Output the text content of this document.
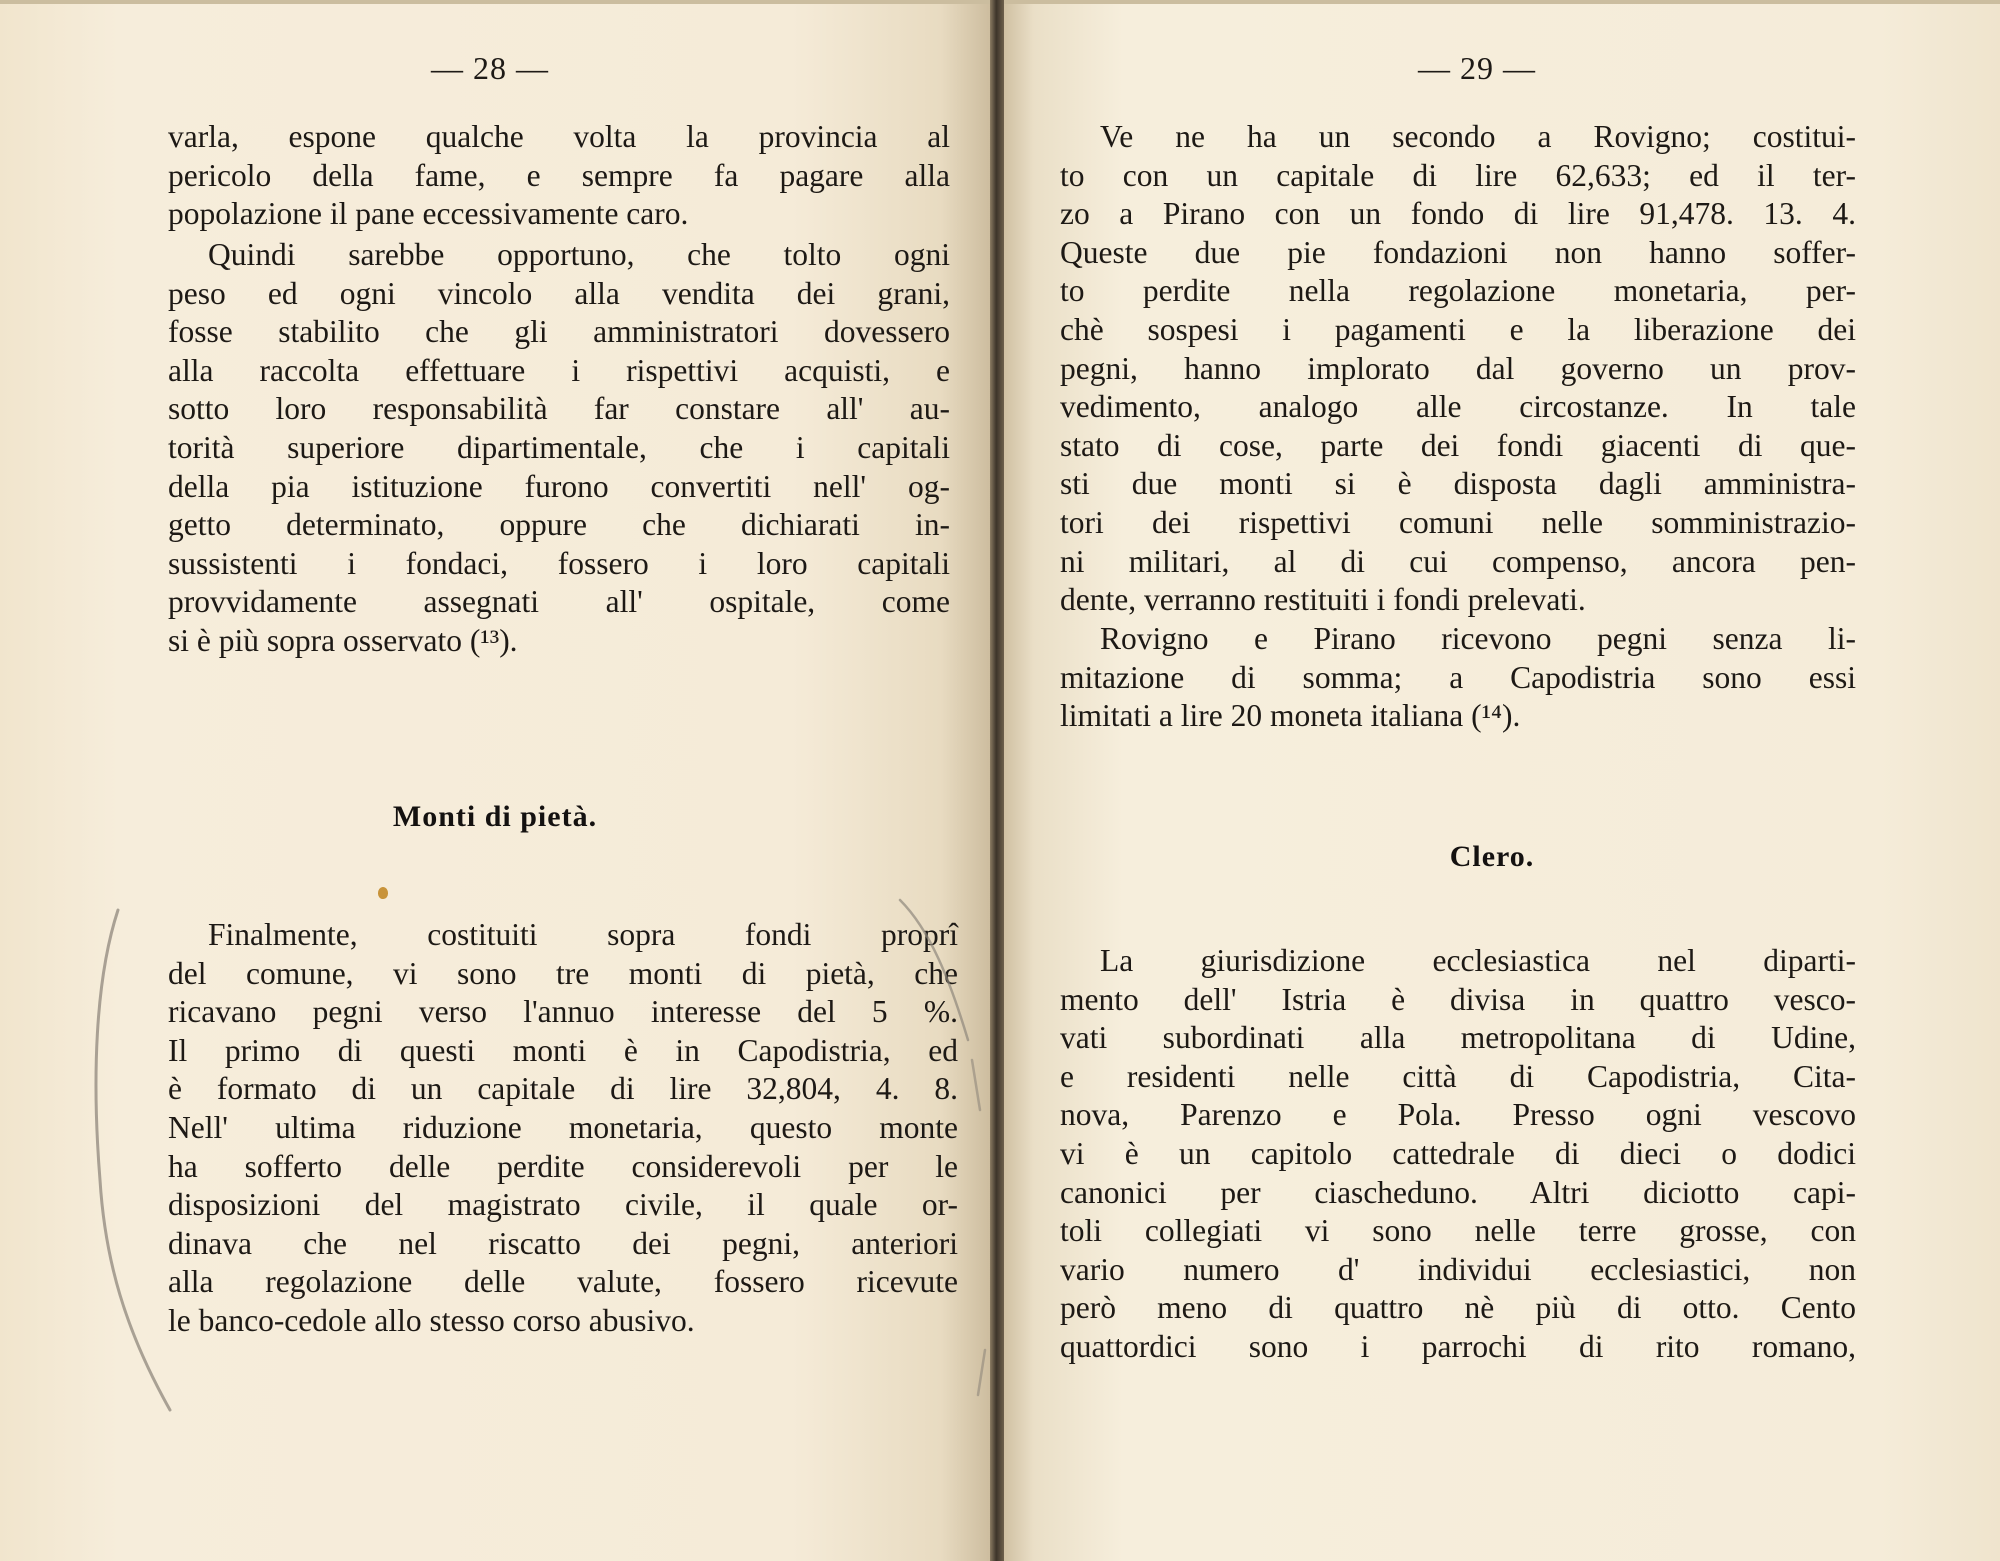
— 28 —
varla, espone qualche volta la provincia al
pericolo della fame, e sempre fa pagare alla
popolazione il pane eccessivamente caro.
Quindi sarebbe opportuno, che tolto ogni
peso ed ogni vincolo alla vendita dei grani,
fosse stabilito che gli amministratori dovessero
alla raccolta effettuare i rispettivi acquisti, e
sotto loro responsabilità far constare all' au-
torità superiore dipartimentale, che i capitali
della pia istituzione furono convertiti nell' og-
getto determinato, oppure che dichiarati in-
sussistenti i fondaci, fossero i loro capitali
provvidamente assegnati all' ospitale, come
si è più sopra osservato (¹³).
Monti di pietà.
Finalmente, costituiti sopra fondi proprî
del comune, vi sono tre monti di pietà, che
ricavano pegni verso l'annuo interesse del 5 %.
Il primo di questi monti è in Capodistria, ed
è formato di un capitale di lire 32,804, 4. 8.
Nell' ultima riduzione monetaria, questo monte
ha sofferto delle perdite considerevoli per le
disposizioni del magistrato civile, il quale or-
dinava che nel riscatto dei pegni, anteriori
alla regolazione delle valute, fossero ricevute
le banco-cedole allo stesso corso abusivo.
— 29 —
Ve ne ha un secondo a Rovigno; costitui-
to con un capitale di lire 62,633; ed il ter-
zo a Pirano con un fondo di lire 91,478. 13. 4.
Queste due pie fondazioni non hanno soffer-
to perdite nella regolazione monetaria, per-
chè sospesi i pagamenti e la liberazione dei
pegni, hanno implorato dal governo un prov-
vedimento, analogo alle circostanze. In tale
stato di cose, parte dei fondi giacenti di que-
sti due monti si è disposta dagli amministra-
tori dei rispettivi comuni nelle somministrazio-
ni militari, al di cui compenso, ancora pen-
dente, verranno restituiti i fondi prelevati.
Rovigno e Pirano ricevono pegni senza li-
mitazione di somma; a Capodistria sono essi
limitati a lire 20 moneta italiana (¹⁴).
Clero.
La giurisdizione ecclesiastica nel diparti-
mento dell' Istria è divisa in quattro vesco-
vati subordinati alla metropolitana di Udine,
e residenti nelle città di Capodistria, Cita-
nova, Parenzo e Pola. Presso ogni vescovo
vi è un capitolo cattedrale di dieci o dodici
canonici per ciascheduno. Altri diciotto capi-
toli collegiati vi sono nelle terre grosse, con
vario numero d' individui ecclesiastici, non
però meno di quattro nè più di otto. Cento
quattordici sono i parrochi di rito romano,
